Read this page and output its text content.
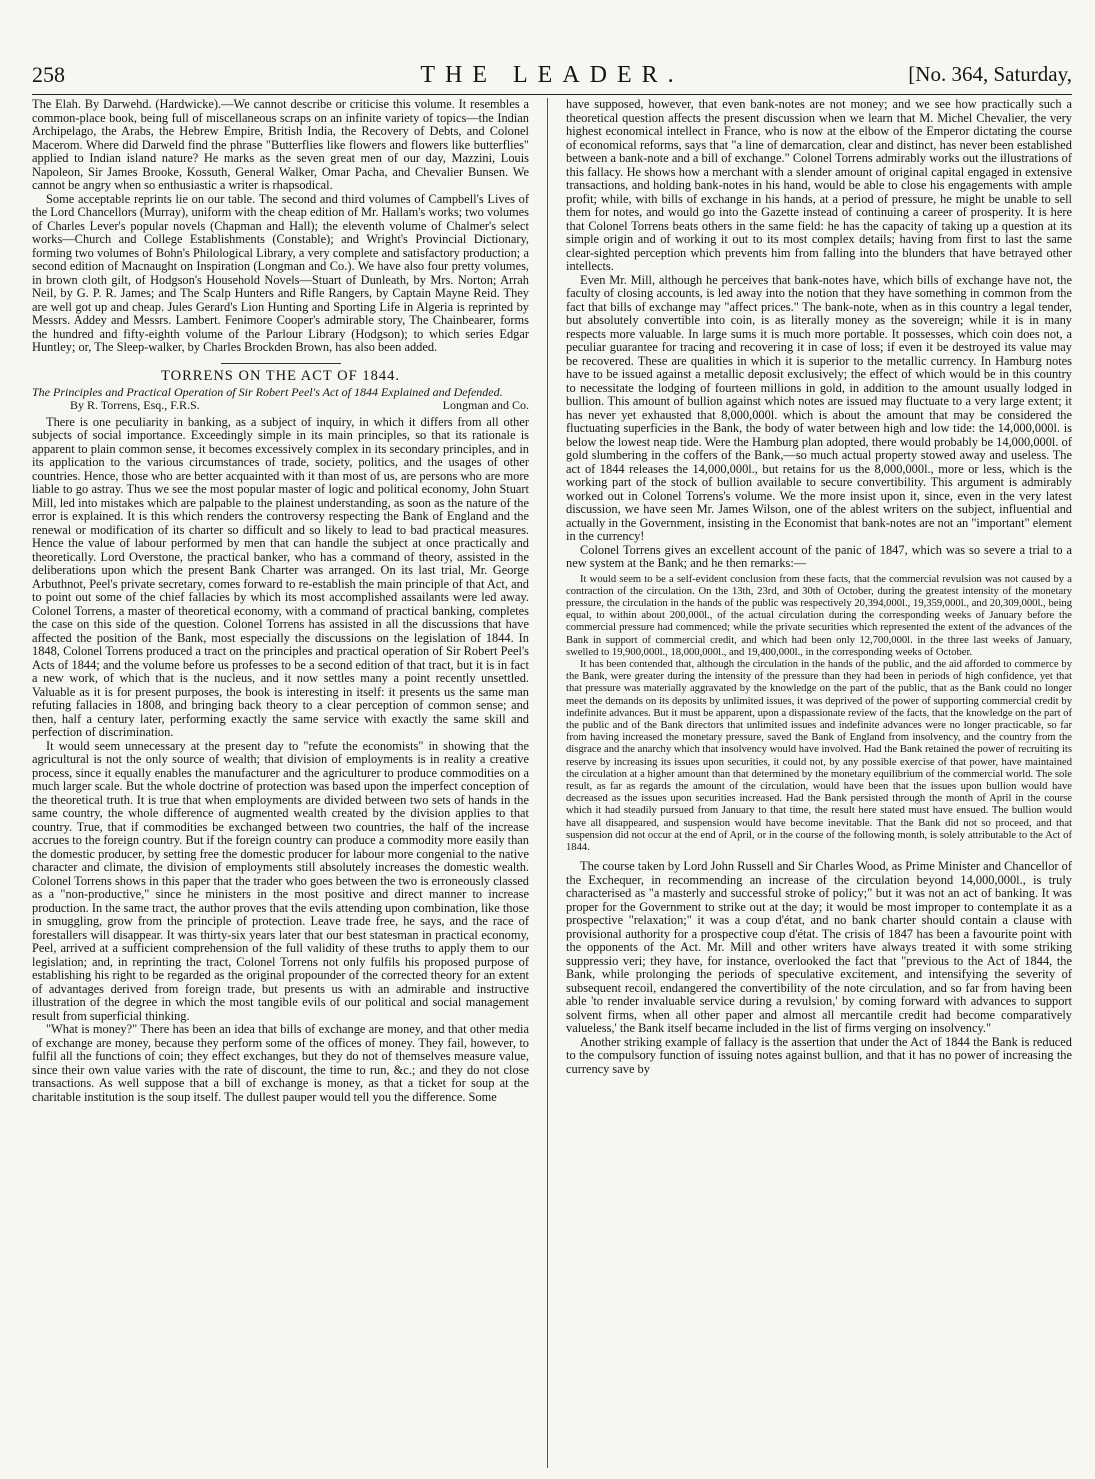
258	THE LEADER.	[No. 364, Saturday,

The Elah. By Darwehd. (Hardwicke).—We cannot describe or criticise this volume. It resembles a common-place book, being full of miscellaneous scraps on an infinite variety of topics—the Indian Archipelago, the Arabs, the Hebrew Empire, British India, the Recovery of Debts, and Colonel Macerom. Where did Darweld find the phrase "Butterflies like flowers and flowers like butterflies" applied to Indian island nature? He marks as the seven great men of our day, Mazzini, Louis Napoleon, Sir James Brooke, Kossuth, General Walker, Omar Pacha, and Chevalier Bunsen. We cannot be angry when so enthusiastic a writer is rhapsodical.

Some acceptable reprints lie on our table. The second and third volumes of Campbell's Lives of the Lord Chancellors (Murray), uniform with the cheap edition of Mr. Hallam's works; two volumes of Charles Lever's popular novels (Chapman and Hall); the eleventh volume of Chalmer's select works—Church and College Establishments (Constable); and Wright's Provincial Dictionary, forming two volumes of Bohn's Philological Library, a very complete and satisfactory production; a second edition of Macnaught on Inspiration (Longman and Co.). We have also four pretty volumes, in brown cloth gilt, of Hodgson's Household Novels—Stuart of Dunleath, by Mrs. Norton; Arrah Neil, by G. P. R. James; and The Scalp Hunters and Rifle Rangers, by Captain Mayne Reid. They are well got up and cheap. Jules Gerard's Lion Hunting and Sporting Life in Algeria is reprinted by Messrs. Addey and Messrs. Lambert. Fenimore Cooper's admirable story, The Chainbearer, forms the hundred and fifty-eighth volume of the Parlour Library (Hodgson); to which series Edgar Huntley; or, The Sleep-walker, by Charles Brockden Brown, has also been added.

TORRENS ON THE ACT OF 1844.

The Principles and Practical Operation of Sir Robert Peel's Act of 1844 Explained and Defended.

By R. Torrens, Esq., F.R.S.	Longman and Co.

There is one peculiarity in banking, as a subject of inquiry, in which it differs from all other subjects of social importance. Exceedingly simple in its main principles, so that its rationale is apparent to plain common sense, it becomes excessively complex in its secondary principles, and in its application to the various circumstances of trade, society, politics, and the usages of other countries. Hence, those who are better acquainted with it than most of us, are persons who are more liable to go astray. Thus we see the most popular master of logic and political economy, John Stuart Mill, led into mistakes which are palpable to the plainest understanding, as soon as the nature of the error is explained. It is this which renders the controversy respecting the Bank of England and the renewal or modification of its charter so difficult and so likely to lead to bad practical measures. Hence the value of labour performed by men that can handle the subject at once practically and theoretically. Lord Overstone, the practical banker, who has a command of theory, assisted in the deliberations upon which the present Bank Charter was arranged. On its last trial, Mr. George Arbuthnot, Peel's private secretary, comes forward to re-establish the main principle of that Act, and to point out some of the chief fallacies by which its most accomplished assailants were led away. Colonel Torrens, a master of theoretical economy, with a command of practical banking, completes the case on this side of the question. Colonel Torrens has assisted in all the discussions that have affected the position of the Bank, most especially the discussions on the legislation of 1844. In 1848, Colonel Torrens produced a tract on the principles and practical operation of Sir Robert Peel's Acts of 1844; and the volume before us professes to be a second edition of that tract, but it is in fact a new work, of which that is the nucleus, and it now settles many a point recently unsettled. Valuable as it is for present purposes, the book is interesting in itself: it presents us the same man refuting fallacies in 1808, and bringing back theory to a clear perception of common sense; and then, half a century later, performing exactly the same service with exactly the same skill and perfection of discrimination.

It would seem unnecessary at the present day to "refute the economists" in showing that the agricultural is not the only source of wealth; that division of employments is in reality a creative process, since it equally enables the manufacturer and the agriculturer to produce commodities on a much larger scale. But the whole doctrine of protection was based upon the imperfect conception of the theoretical truth. It is true that when employments are divided between two sets of hands in the same country, the whole difference of augmented wealth created by the division applies to that country. True, that if commodities be exchanged between two countries, the half of the increase accrues to the foreign country. But if the foreign country can produce a commodity more easily than the domestic producer, by setting free the domestic producer for labour more congenial to the native character and climate, the division of employments still absolutely increases the domestic wealth. Colonel Torrens shows in this paper that the trader who goes between the two is erroneously classed as a "non-productive," since he ministers in the most positive and direct manner to increase production. In the same tract, the author proves that the evils attending upon combination, like those in smuggling, grow from the principle of protection. Leave trade free, he says, and the race of forestallers will disappear. It was thirty-six years later that our best statesman in practical economy, Peel, arrived at a sufficient comprehension of the full validity of these truths to apply them to our legislation; and, in reprinting the tract, Colonel Torrens not only fulfils his proposed purpose of establishing his right to be regarded as the original propounder of the corrected theory for an extent of advantages derived from foreign trade, but presents us with an admirable and instructive illustration of the degree in which the most tangible evils of our political and social management result from superficial thinking.

"What is money?" There has been an idea that bills of exchange are money, and that other media of exchange are money, because they perform some of the offices of money. They fail, however, to fulfil all the functions of coin; they effect exchanges, but they do not of themselves measure value, since their own value varies with the rate of discount, the time to run, &c.; and they do not close transactions. As well suppose that a bill of exchange is money, as that a ticket for soup at the charitable institution is the soup itself. The dullest pauper would tell you the difference. Some

have supposed, however, that even bank-notes are not money; and we see how practically such a theoretical question affects the present discussion when we learn that M. Michel Chevalier, the very highest economical intellect in France, who is now at the elbow of the Emperor dictating the course of economical reforms, says that "a line of demarcation, clear and distinct, has never been established between a bank-note and a bill of exchange." Colonel Torrens admirably works out the illustrations of this fallacy. He shows how a merchant with a slender amount of original capital engaged in extensive transactions, and holding bank-notes in his hand, would be able to close his engagements with ample profit; while, with bills of exchange in his hands, at a period of pressure, he might be unable to sell them for notes, and would go into the Gazette instead of continuing a career of prosperity. It is here that Colonel Torrens beats others in the same field: he has the capacity of taking up a question at its simple origin and of working it out to its most complex details; having from first to last the same clear-sighted perception which prevents him from falling into the blunders that have betrayed other intellects.

Even Mr. Mill, although he perceives that bank-notes have, which bills of exchange have not, the faculty of closing accounts, is led away into the notion that they have something in common from the fact that bills of exchange may "affect prices." The bank-note, when as in this country a legal tender, but absolutely convertible into coin, is as literally money as the sovereign; while it is in many respects more valuable. In large sums it is much more portable. It possesses, which coin does not, a peculiar guarantee for tracing and recovering it in case of loss; if even it be destroyed its value may be recovered. These are qualities in which it is superior to the metallic currency. In Hamburg notes have to be issued against a metallic deposit exclusively; the effect of which would be in this country to necessitate the lodging of fourteen millions in gold, in addition to the amount usually lodged in bullion. This amount of bullion against which notes are issued may fluctuate to a very large extent; it has never yet exhausted that 8,000,000l. which is about the amount that may be considered the fluctuating superficies in the Bank, the body of water between high and low tide: the 14,000,000l. is below the lowest neap tide. Were the Hamburg plan adopted, there would probably be 14,000,000l. of gold slumbering in the coffers of the Bank,—so much actual property stowed away and useless. The act of 1844 releases the 14,000,000l., but retains for us the 8,000,000l., more or less, which is the working part of the stock of bullion available to secure convertibility. This argument is admirably worked out in Colonel Torrens's volume. We the more insist upon it, since, even in the very latest discussion, we have seen Mr. James Wilson, one of the ablest writers on the subject, influential and actually in the Government, insisting in the Economist that bank-notes are not an "important" element in the currency!

Colonel Torrens gives an excellent account of the panic of 1847, which was so severe a trial to a new system at the Bank; and he then remarks:—

It would seem to be a self-evident conclusion from these facts, that the commercial revulsion was not caused by a contraction of the circulation. On the 13th, 23rd, and 30th of October, during the greatest intensity of the monetary pressure, the circulation in the hands of the public was respectively 20,394,000l., 19,359,000l., and 20,309,000l., being equal, to within about 200,000l., of the actual circulation during the corresponding weeks of January before the commercial pressure had commenced; while the private securities which represented the extent of the advances of the Bank in support of commercial credit, and which had been only 12,700,000l. in the three last weeks of January, swelled to 19,900,000l., 18,000,000l., and 19,400,000l., in the corresponding weeks of October.

It has been contended that, although the circulation in the hands of the public, and the aid afforded to commerce by the Bank, were greater during the intensity of the pressure than they had been in periods of high confidence, yet that that pressure was materially aggravated by the knowledge on the part of the public, that as the Bank could no longer meet the demands on its deposits by unlimited issues, it was deprived of the power of supporting commercial credit by indefinite advances. But it must be apparent, upon a dispassionate review of the facts, that the knowledge on the part of the public and of the Bank directors that unlimited issues and indefinite advances were no longer practicable, so far from having increased the monetary pressure, saved the Bank of England from insolvency, and the country from the disgrace and the anarchy which that insolvency would have involved. Had the Bank retained the power of recruiting its reserve by increasing its issues upon securities, it could not, by any possible exercise of that power, have maintained the circulation at a higher amount than that determined by the monetary equilibrium of the commercial world. The sole result, as far as regards the amount of the circulation, would have been that the issues upon bullion would have decreased as the issues upon securities increased. Had the Bank persisted through the month of April in the course which it had steadily pursued from January to that time, the result here stated must have ensued. The bullion would have all disappeared, and suspension would have become inevitable. That the Bank did not so proceed, and that suspension did not occur at the end of April, or in the course of the following month, is solely attributable to the Act of 1844.

The course taken by Lord John Russell and Sir Charles Wood, as Prime Minister and Chancellor of the Exchequer, in recommending an increase of the circulation beyond 14,000,000l., is truly characterised as "a masterly and successful stroke of policy;" but it was not an act of banking. It was proper for the Government to strike out at the day; it would be most improper to contemplate it as a prospective "relaxation;" it was a coup d'état, and no bank charter should contain a clause with provisional authority for a prospective coup d'état. The crisis of 1847 has been a favourite point with the opponents of the Act. Mr. Mill and other writers have always treated it with some striking suppressio veri; they have, for instance, overlooked the fact that "previous to the Act of 1844, the Bank, while prolonging the periods of speculative excitement, and intensifying the severity of subsequent recoil, endangered the convertibility of the note circulation, and so far from having been able 'to render invaluable service during a revulsion,' by coming forward with advances to support solvent firms, when all other paper and almost all mercantile credit had become comparatively valueless,' the Bank itself became included in the list of firms verging on insolvency."

Another striking example of fallacy is the assertion that under the Act of 1844 the Bank is reduced to the compulsory function of issuing notes against bullion, and that it has no power of increasing the currency save by
